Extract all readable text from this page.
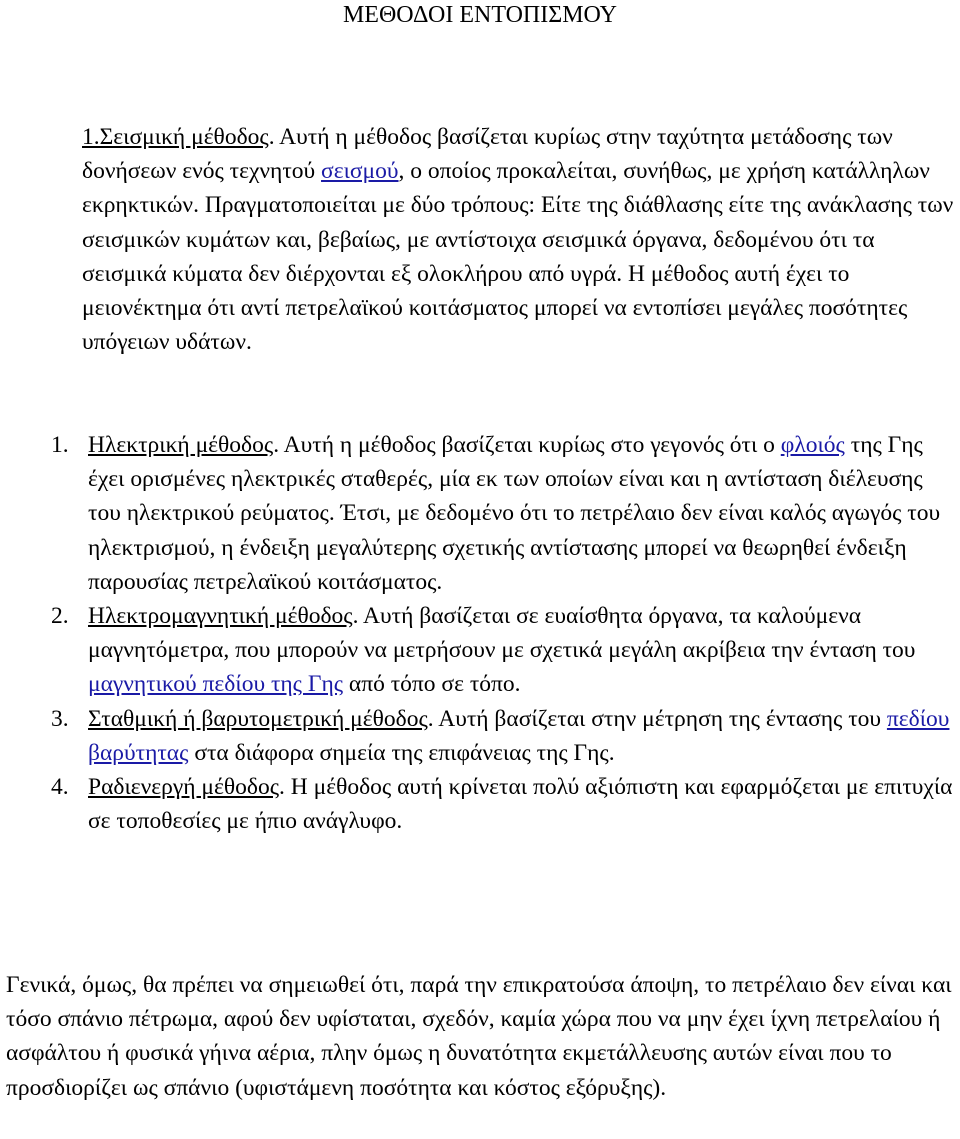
ΜΕΘΟΔΟΙ ΕΝΤΟΠΙΣΜΟΥ
1.Σεισμική μέθοδος. Αυτή η μέθοδος βασίζεται κυρίως στην ταχύτητα μετάδοσης των δονήσεων ενός τεχνητού σεισμού, ο οποίος προκαλείται, συνήθως, με χρήση κατάλληλων εκρηκτικών. Πραγματοποιείται με δύο τρόπους: Είτε της διάθλασης είτε της ανάκλασης των σεισμικών κυμάτων και, βεβαίως, με αντίστοιχα σεισμικά όργανα, δεδομένου ότι τα σεισμικά κύματα δεν διέρχονται εξ ολοκλήρου από υγρά. Η μέθοδος αυτή έχει το μειονέκτημα ότι αντί πετρελαϊκού κοιτάσματος μπορεί να εντοπίσει μεγάλες ποσότητες υπόγειων υδάτων.
1. Ηλεκτρική μέθοδος. Αυτή η μέθοδος βασίζεται κυρίως στο γεγονός ότι ο φλοιός της Γης έχει ορισμένες ηλεκτρικές σταθερές, μία εκ των οποίων είναι και η αντίσταση διέλευσης του ηλεκτρικού ρεύματος. Έτσι, με δεδομένο ότι το πετρέλαιο δεν είναι καλός αγωγός του ηλεκτρισμού, η ένδειξη μεγαλύτερης σχετικής αντίστασης μπορεί να θεωρηθεί ένδειξη παρουσίας πετρελαϊκού κοιτάσματος.
2. Ηλεκτρομαγνητική μέθοδος. Αυτή βασίζεται σε ευαίσθητα όργανα, τα καλούμενα μαγνητόμετρα, που μπορούν να μετρήσουν με σχετικά μεγάλη ακρίβεια την ένταση του μαγνητικού πεδίου της Γης από τόπο σε τόπο.
3. Σταθμική ή βαρυτομετρική μέθοδος. Αυτή βασίζεται στην μέτρηση της έντασης του πεδίου βαρύτητας στα διάφορα σημεία της επιφάνειας της Γης.
4. Ραδιενεργή μέθοδος. Η μέθοδος αυτή κρίνεται πολύ αξιόπιστη και εφαρμόζεται με επιτυχία σε τοποθεσίες με ήπιο ανάγλυφο.
Γενικά, όμως, θα πρέπει να σημειωθεί ότι, παρά την επικρατούσα άποψη, το πετρέλαιο δεν είναι και τόσο σπάνιο πέτρωμα, αφού δεν υφίσταται, σχεδόν, καμία χώρα που να μην έχει ίχνη πετρελαίου ή ασφάλτου ή φυσικά γήινα αέρια, πλην όμως η δυνατότητα εκμετάλλευσης αυτών είναι που το προσδιορίζει ως σπάνιο (υφιστάμενη ποσότητα και κόστος εξόρυξης).
